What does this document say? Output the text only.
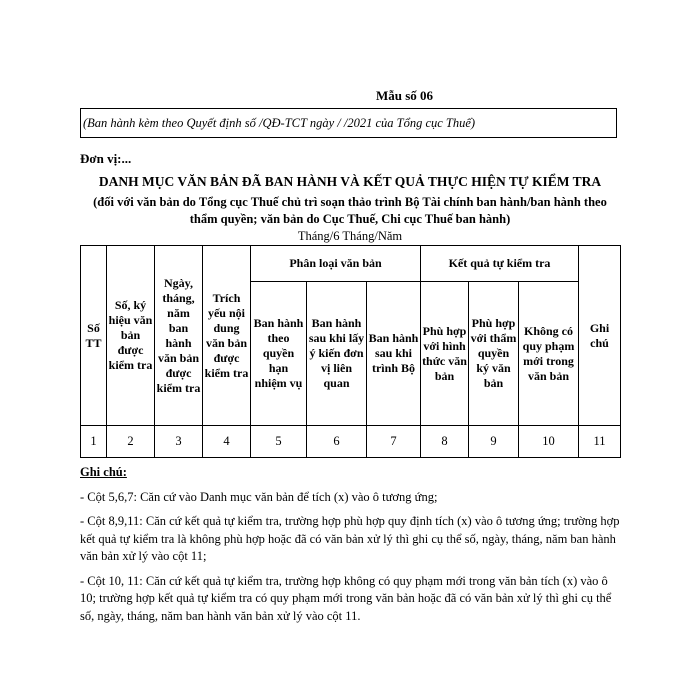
Mẫu số 06
(Ban hành kèm theo Quyết định số /QĐ-TCT ngày / /2021 của Tổng cục Thuế)
Đơn vị:...
DANH MỤC VĂN BẢN ĐÃ BAN HÀNH VÀ KẾT QUẢ THỰC HIỆN TỰ KIỂM TRA
(đối với văn bản do Tổng cục Thuế chủ trì soạn thảo trình Bộ Tài chính ban hành/ban hành theo thẩm quyền; văn bản do Cục Thuế, Chi cục Thuế ban hành)
Tháng/6 Tháng/Năm
Số TT	Số, ký hiệu văn bản được kiểm tra	Ngày, tháng, năm ban hành văn bản được kiểm tra	Trích yếu nội dung văn bản được kiểm tra	Phân loại văn bản			Kết quả tự kiểm tra			Ghi chú
				Ban hành theo quyền hạn nhiệm vụ	Ban hành sau khi lấy ý kiến đơn vị liên quan	Ban hành sau khi trình Bộ	Phù hợp với hình thức văn bản	Phù hợp với thẩm quyền ký văn bản	Không có quy phạm mới trong văn bản	
1	2	3	4	5	6	7	8	9	10	11
Ghi chú:
- Cột 5,6,7: Căn cứ vào Danh mục văn bản để tích (x) vào ô tương ứng;
- Cột 8,9,11: Căn cứ kết quả tự kiểm tra, trường hợp phù hợp quy định tích (x) vào ô tương ứng; trường hợp kết quả tự kiểm tra là không phù hợp hoặc đã có văn bản xử lý thì ghi cụ thể số, ngày, tháng, năm ban hành văn bản xử lý vào cột 11;
- Cột 10, 11: Căn cứ kết quả tự kiểm tra, trường hợp không có quy phạm mới trong văn bản tích (x) vào ô 10; trường hợp kết quả tự kiểm tra có quy phạm mới trong văn bản hoặc đã có văn bản xử lý thì ghi cụ thể số, ngày, tháng, năm ban hành văn bản xử lý vào cột 11.
